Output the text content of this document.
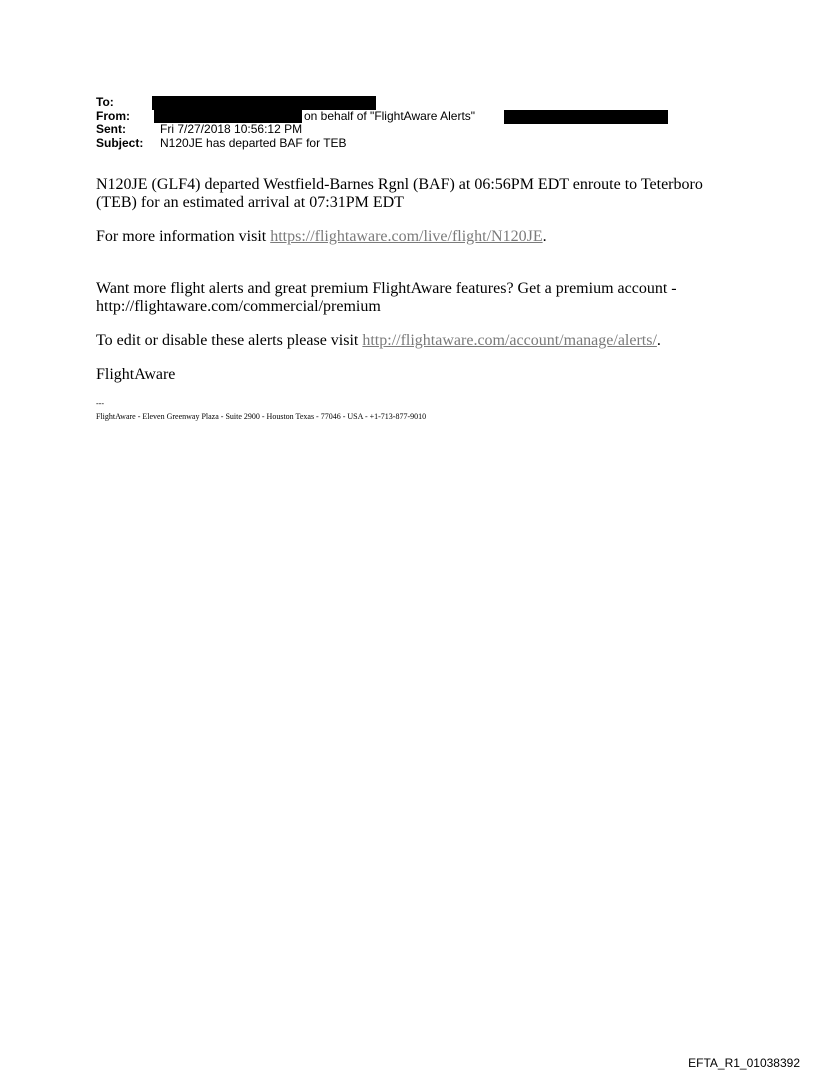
To:
From:	on behalf of "FlightAware Alerts"
Sent:	Fri 7/27/2018 10:56:12 PM
Subject: N120JE has departed BAF for TEB

N120JE (GLF4) departed Westfield-Barnes Rgnl (BAF) at 06:56PM EDT enroute to Teterboro (TEB) for an estimated arrival at 07:31PM EDT

For more information visit https://flightaware.com/live/flight/N120JE.

Want more flight alerts and great premium FlightAware features? Get a premium account - http://flightaware.com/commercial/premium

To edit or disable these alerts please visit http://flightaware.com/account/manage/alerts/.

FlightAware

---
FlightAware - Eleven Greenway Plaza - Suite 2900 - Houston Texas - 77046 - USA - +1-713-877-9010
EFTA_R1_01038392
